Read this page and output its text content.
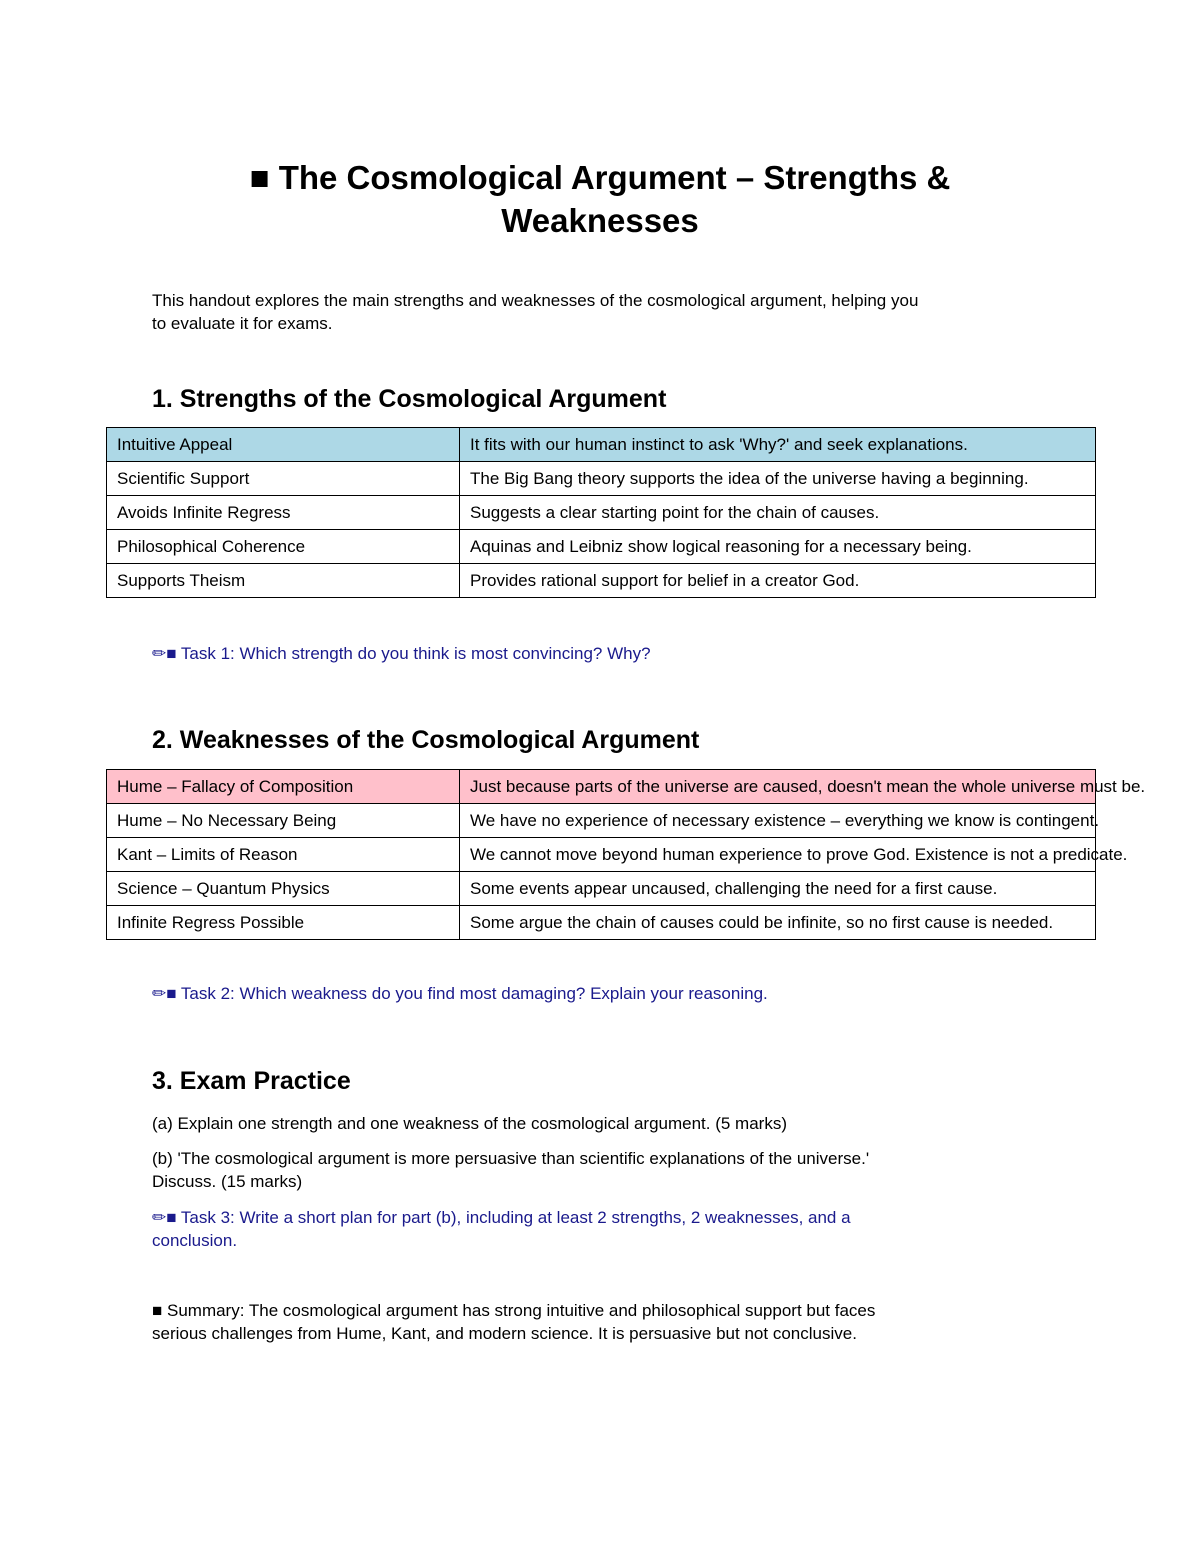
■ The Cosmological Argument – Strengths &
Weaknesses

This handout explores the main strengths and weaknesses of the cosmological argument, helping you
to evaluate it for exams.

1. Strengths of the Cosmological Argument
Intuitive Appeal	It fits with our human instinct to ask 'Why?' and seek explanations.
Scientific Support	The Big Bang theory supports the idea of the universe having a beginning.
Avoids Infinite Regress	Suggests a clear starting point for the chain of causes.
Philosophical Coherence	Aquinas and Leibniz show logical reasoning for a necessary being.
Supports Theism	Provides rational support for belief in a creator God.

✏■ Task 1: Which strength do you think is most convincing? Why?

2. Weaknesses of the Cosmological Argument
Hume – Fallacy of Composition	Just because parts of the universe are caused, doesn't mean the whole universe must be.
Hume – No Necessary Being	We have no experience of necessary existence – everything we know is contingent.
Kant – Limits of Reason	We cannot move beyond human experience to prove God. Existence is not a predicate.
Science – Quantum Physics	Some events appear uncaused, challenging the need for a first cause.
Infinite Regress Possible	Some argue the chain of causes could be infinite, so no first cause is needed.

✏■ Task 2: Which weakness do you find most damaging? Explain your reasoning.

3. Exam Practice

(a) Explain one strength and one weakness of the cosmological argument. (5 marks)

(b) 'The cosmological argument is more persuasive than scientific explanations of the universe.'
Discuss. (15 marks)

✏■ Task 3: Write a short plan for part (b), including at least 2 strengths, 2 weaknesses, and a
conclusion.

■ Summary: The cosmological argument has strong intuitive and philosophical support but faces
serious challenges from Hume, Kant, and modern science. It is persuasive but not conclusive.
